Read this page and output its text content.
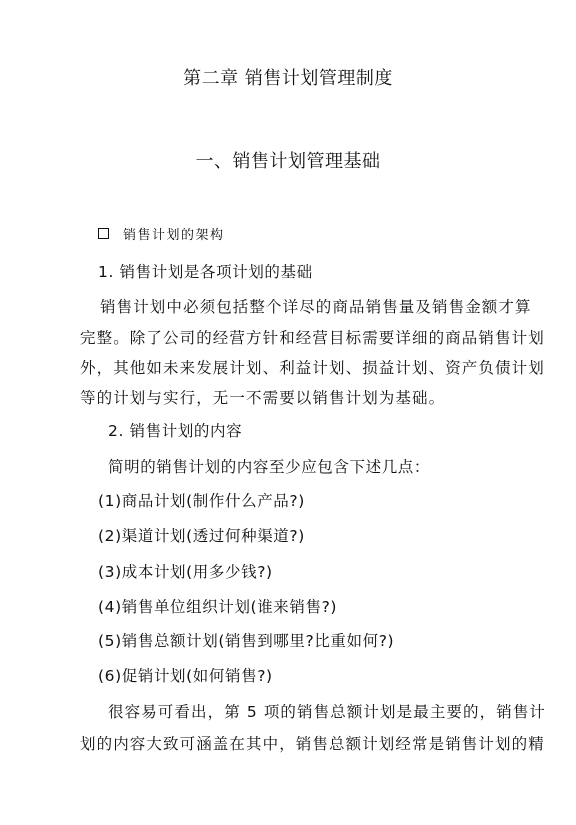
第二章 销售计划管理制度
一、销售计划管理基础
销售计划的架构
1. 销售计划是各项计划的基础
销售计划中必须包括整个详尽的商品销售量及销售金额才算
完整。除了公司的经营方针和经营目标需要详细的商品销售计划
外，其他如未来发展计划、利益计划、损益计划、资产负债计划
等的计划与实行，无一不需要以销售计划为基础。
2. 销售计划的内容
简明的销售计划的内容至少应包含下述几点：
(1)商品计划(制作什么产品?)
(2)渠道计划(透过何种渠道?)
(3)成本计划(用多少钱?)
(4)销售单位组织计划(谁来销售?)
(5)销售总额计划(销售到哪里?比重如何?)
(6)促销计划(如何销售?)
很容易可看出，第 5 项的销售总额计划是最主要的，销售计
划的内容大致可涵盖在其中，销售总额计划经常是销售计划的精
